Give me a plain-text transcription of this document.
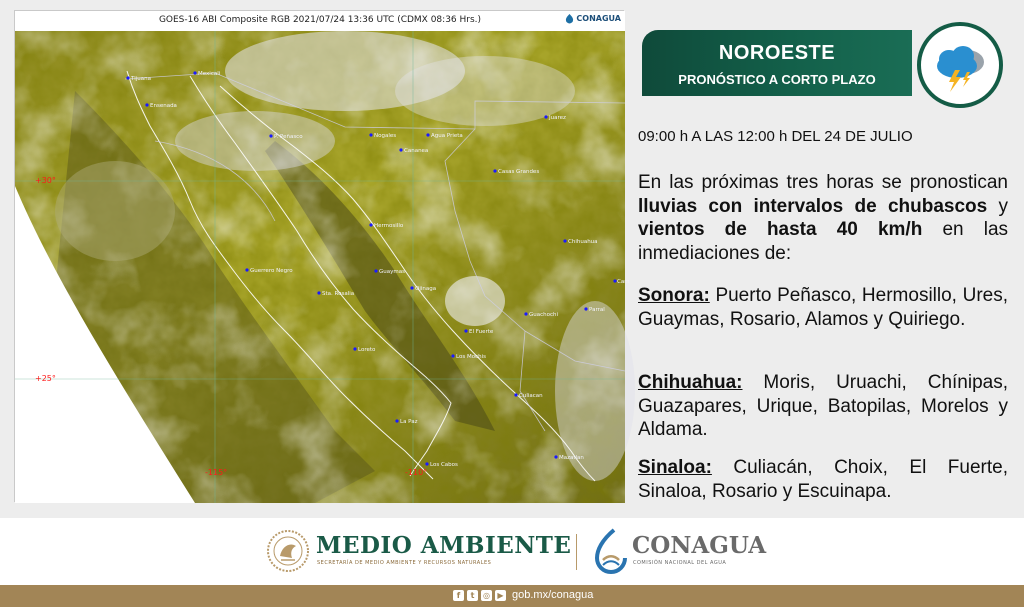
GOES-16 ABI Composite RGB 2021/07/24 13:36 UTC (CDMX 08:36 Hrs.)	CONAGUA
+30°
+25°
-115°	-110°
Tijuana
Mexicali
Ensenada
P. Peñasco	Nogales	Agua Prieta
Cananea
Juarez
Casas Grandes
Hermosillo
Chihuahua
Guerrero Negro	Guaymas
Sta. Rosalia
Ojinaga
El Fuerte
Guachochi
Parral
Loreto
Los Mochis
Culiacan
La Paz
Los Cabos
Mazatlan
Cam
NOROESTE
PRONÓSTICO A CORTO PLAZO
09:00 h A LAS 12:00 h DEL 24 DE JULIO
En las próximas tres horas se pronostican lluvias con intervalos de chubascos y vientos de hasta 40 km/h en las inmediaciones de:
Sonora: Puerto Peñasco, Hermosillo, Ures, Guaymas, Rosario, Alamos y Quiriego.
Chihuahua: Moris, Uruachi, Chínipas, Guazapares, Urique, Batopilas, Morelos y Aldama.
Sinaloa: Culiacán, Choix, El Fuerte, Sinaloa, Rosario y Escuinapa.
MEDIO AMBIENTE
SECRETARÍA DE MEDIO AMBIENTE Y RECURSOS NATURALES
CONAGUA
COMISIÓN NACIONAL DEL AGUA
f	t	◎ ▶ gob.mx/conagua
